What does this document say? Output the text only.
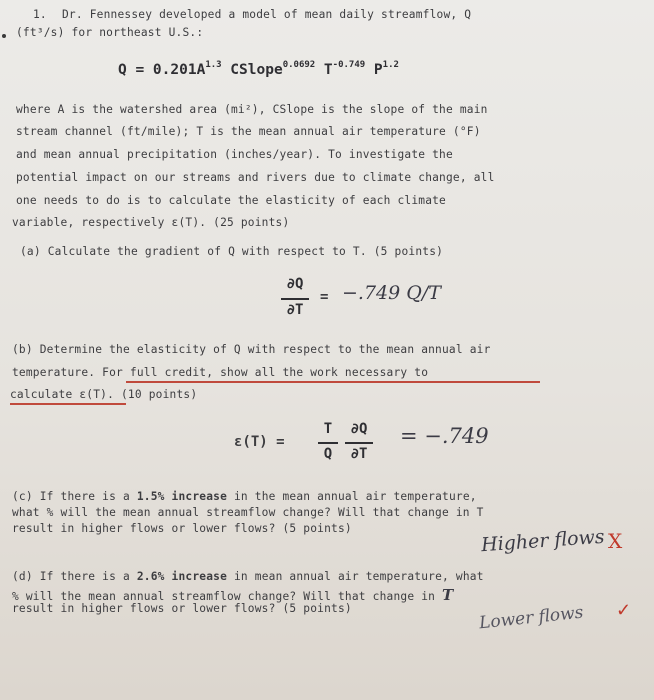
1. Dr. Fennessey developed a model of mean daily streamflow, Q
(ft³/s) for northeast U.S.:
$Q = 0.201A^{1.3}$ CSlope$^{0.0692}$ $T^{-0.749}$ $P^{1.2}$
where A is the watershed area (mi²), CSlope is the slope of the main
stream channel (ft/mile); T is the mean annual air temperature (°F)
and mean annual precipitation (inches/year). To investigate the
potential impact on our streams and rivers due to climate change, all
one needs to do is to calculate the elasticity of each climate
variable, respectively ε(T). (25 points)
(a) Calculate the gradient of Q with respect to T. (5 points)
∂Q
∂T
= −.749 Q/T
(b) Determine the elasticity of Q with respect to the mean annual air
temperature. For full credit, show all the work necessary to
calculate ε(T). (10 points)
ε(T) =
T
Q
∂Q
∂T
= −.749
(c) If there is a 1.5% increase in the mean annual air temperature,
what % will the mean annual streamflow change? Will that change in T
result in higher flows or lower flows? (5 points)	Higher flows X
(d) If there is a 2.6% increase in mean annual air temperature, what
% will the mean annual streamflow change? Will that change in T
result in higher flows or lower flows? (5 points)	Lower flows ✓
